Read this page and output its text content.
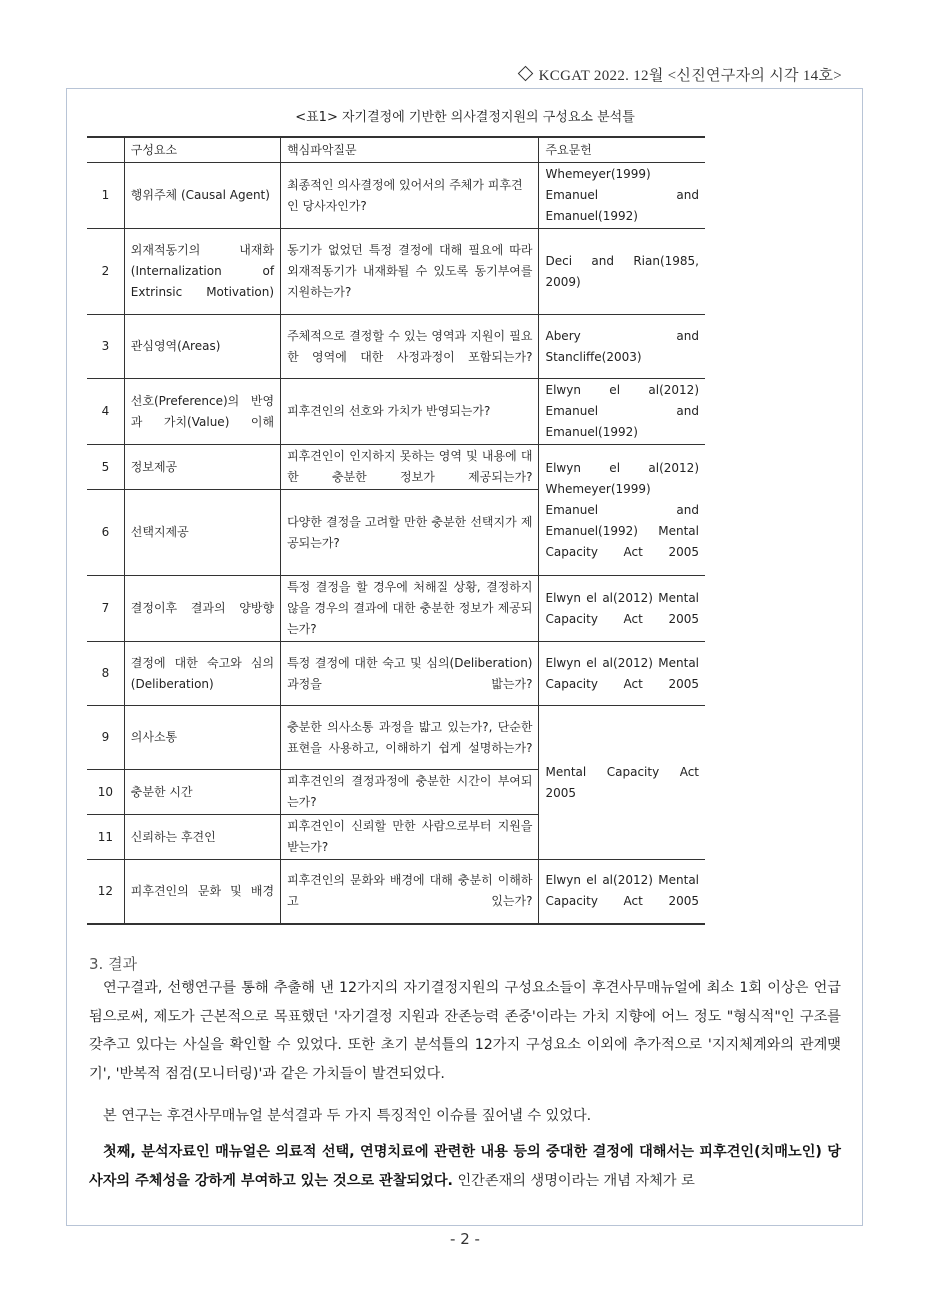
KCGAT 2022. 12월 <신진연구자의 시각 14호>
<표1> 자기결정에 기반한 의사결정지원의 구성요소 분석틀
	구성요소	핵심파악질문	주요문헌
1	행위주체 (Causal Agent)	최종적인 의사결정에 있어서의 주체가 피후견인 당사자인가?	Whemeyer(1999) Emanuel and Emanuel(1992)
2	외재적동기의 내재화 (Internalization of Extrinsic Motivation)	동기가 없었던 특정 결정에 대해 필요에 따라 외재적동기가 내재화될 수 있도록 동기부여를 지원하는가?	Deci and Rian(1985, 2009)
3	관심영역(Areas)	주체적으로 결정할 수 있는 영역과 지원이 필요한 영역에 대한 사정과정이 포함되는가?	Abery and Stancliffe(2003)
4	선호(Preference)의 반영과 가치(Value) 이해	피후견인의 선호와 가치가 반영되는가?	Elwyn el al(2012) Emanuel and Emanuel(1992)
5	정보제공	피후견인이 인지하지 못하는 영역 및 내용에 대한 충분한 정보가 제공되는가?	Elwyn el al(2012) Whemeyer(1999) Emanuel and Emanuel(1992) Mental Capacity Act 2005
6	선택지제공	다양한 결정을 고려할 만한 충분한 선택지가 제공되는가?	
7	결정이후 결과의 양방향	특정 결정을 할 경우에 처해질 상황, 결정하지 않을 경우의 결과에 대한 충분한 정보가 제공되는가?	Elwyn el al(2012) Mental Capacity Act 2005
8	결정에 대한 숙고와 심의(Deliberation)	특정 결정에 대한 숙고 및 심의(Deliberation)과정을 밟는가?	Elwyn el al(2012) Mental Capacity Act 2005
9	의사소통	충분한 의사소통 과정을 밟고 있는가?, 단순한 표현을 사용하고, 이해하기 쉽게 설명하는가?	Mental Capacity Act 2005
10	충분한 시간	피후견인의 결정과정에 충분한 시간이 부여되는가?	
11	신뢰하는 후견인	피후견인이 신뢰할 만한 사람으로부터 지원을 받는가?	
12	피후견인의 문화 및 배경	피후견인의 문화와 배경에 대해 충분히 이해하고 있는가?	Elwyn el al(2012) Mental Capacity Act 2005
3. 결과
연구결과, 선행연구를 통해 추출해 낸 12가지의 자기결정지원의 구성요소들이 후견사무매뉴얼에 최소 1회 이상은 언급됨으로써, 제도가 근본적으로 목표했던 '자기결정 지원과 잔존능력 존중'이라는 가치 지향에 어느 정도 "형식적"인 구조를 갖추고 있다는 사실을 확인할 수 있었다. 또한 초기 분석틀의 12가지 구성요소 이외에 추가적으로 '지지체계와의 관계맺기', '반복적 점검(모니터링)'과 같은 가치들이 발견되었다.
본 연구는 후견사무매뉴얼 분석결과 두 가지 특징적인 이슈를 짚어낼 수 있었다.
첫째, 분석자료인 매뉴얼은 의료적 선택, 연명치료에 관련한 내용 등의 중대한 결정에 대해서는 피후견인(치매노인) 당사자의 주체성을 강하게 부여하고 있는 것으로 관찰되었다. 인간존재의 생명이라는 개념 자체가 로
- 2 -
